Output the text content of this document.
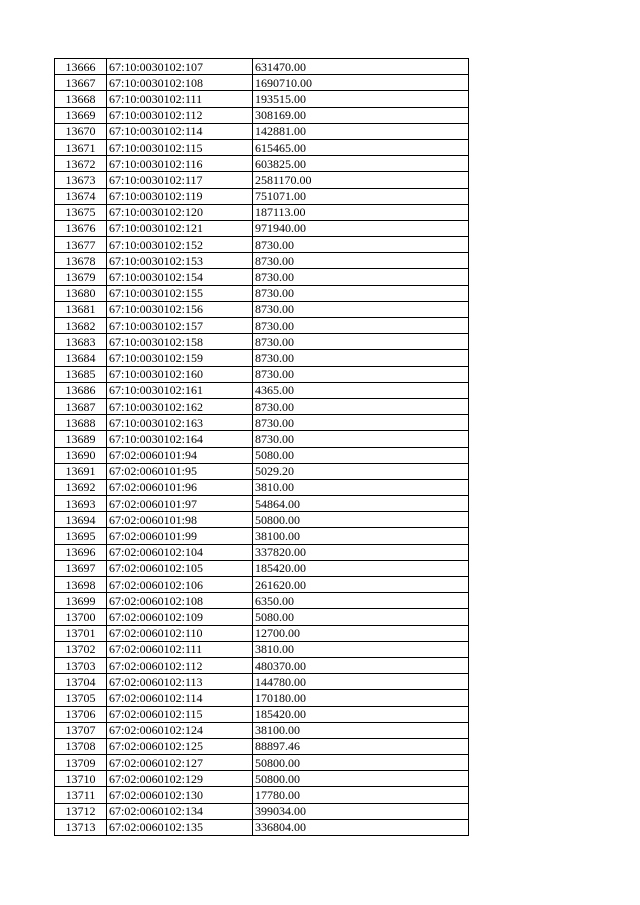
13666	67:10:0030102:107	631470.00
13667	67:10:0030102:108	1690710.00
13668	67:10:0030102:111	193515.00
13669	67:10:0030102:112	308169.00
13670	67:10:0030102:114	142881.00
13671	67:10:0030102:115	615465.00
13672	67:10:0030102:116	603825.00
13673	67:10:0030102:117	2581170.00
13674	67:10:0030102:119	751071.00
13675	67:10:0030102:120	187113.00
13676	67:10:0030102:121	971940.00
13677	67:10:0030102:152	8730.00
13678	67:10:0030102:153	8730.00
13679	67:10:0030102:154	8730.00
13680	67:10:0030102:155	8730.00
13681	67:10:0030102:156	8730.00
13682	67:10:0030102:157	8730.00
13683	67:10:0030102:158	8730.00
13684	67:10:0030102:159	8730.00
13685	67:10:0030102:160	8730.00
13686	67:10:0030102:161	4365.00
13687	67:10:0030102:162	8730.00
13688	67:10:0030102:163	8730.00
13689	67:10:0030102:164	8730.00
13690	67:02:0060101:94	5080.00
13691	67:02:0060101:95	5029.20
13692	67:02:0060101:96	3810.00
13693	67:02:0060101:97	54864.00
13694	67:02:0060101:98	50800.00
13695	67:02:0060101:99	38100.00
13696	67:02:0060102:104	337820.00
13697	67:02:0060102:105	185420.00
13698	67:02:0060102:106	261620.00
13699	67:02:0060102:108	6350.00
13700	67:02:0060102:109	5080.00
13701	67:02:0060102:110	12700.00
13702	67:02:0060102:111	3810.00
13703	67:02:0060102:112	480370.00
13704	67:02:0060102:113	144780.00
13705	67:02:0060102:114	170180.00
13706	67:02:0060102:115	185420.00
13707	67:02:0060102:124	38100.00
13708	67:02:0060102:125	88897.46
13709	67:02:0060102:127	50800.00
13710	67:02:0060102:129	50800.00
13711	67:02:0060102:130	17780.00
13712	67:02:0060102:134	399034.00
13713	67:02:0060102:135	336804.00
